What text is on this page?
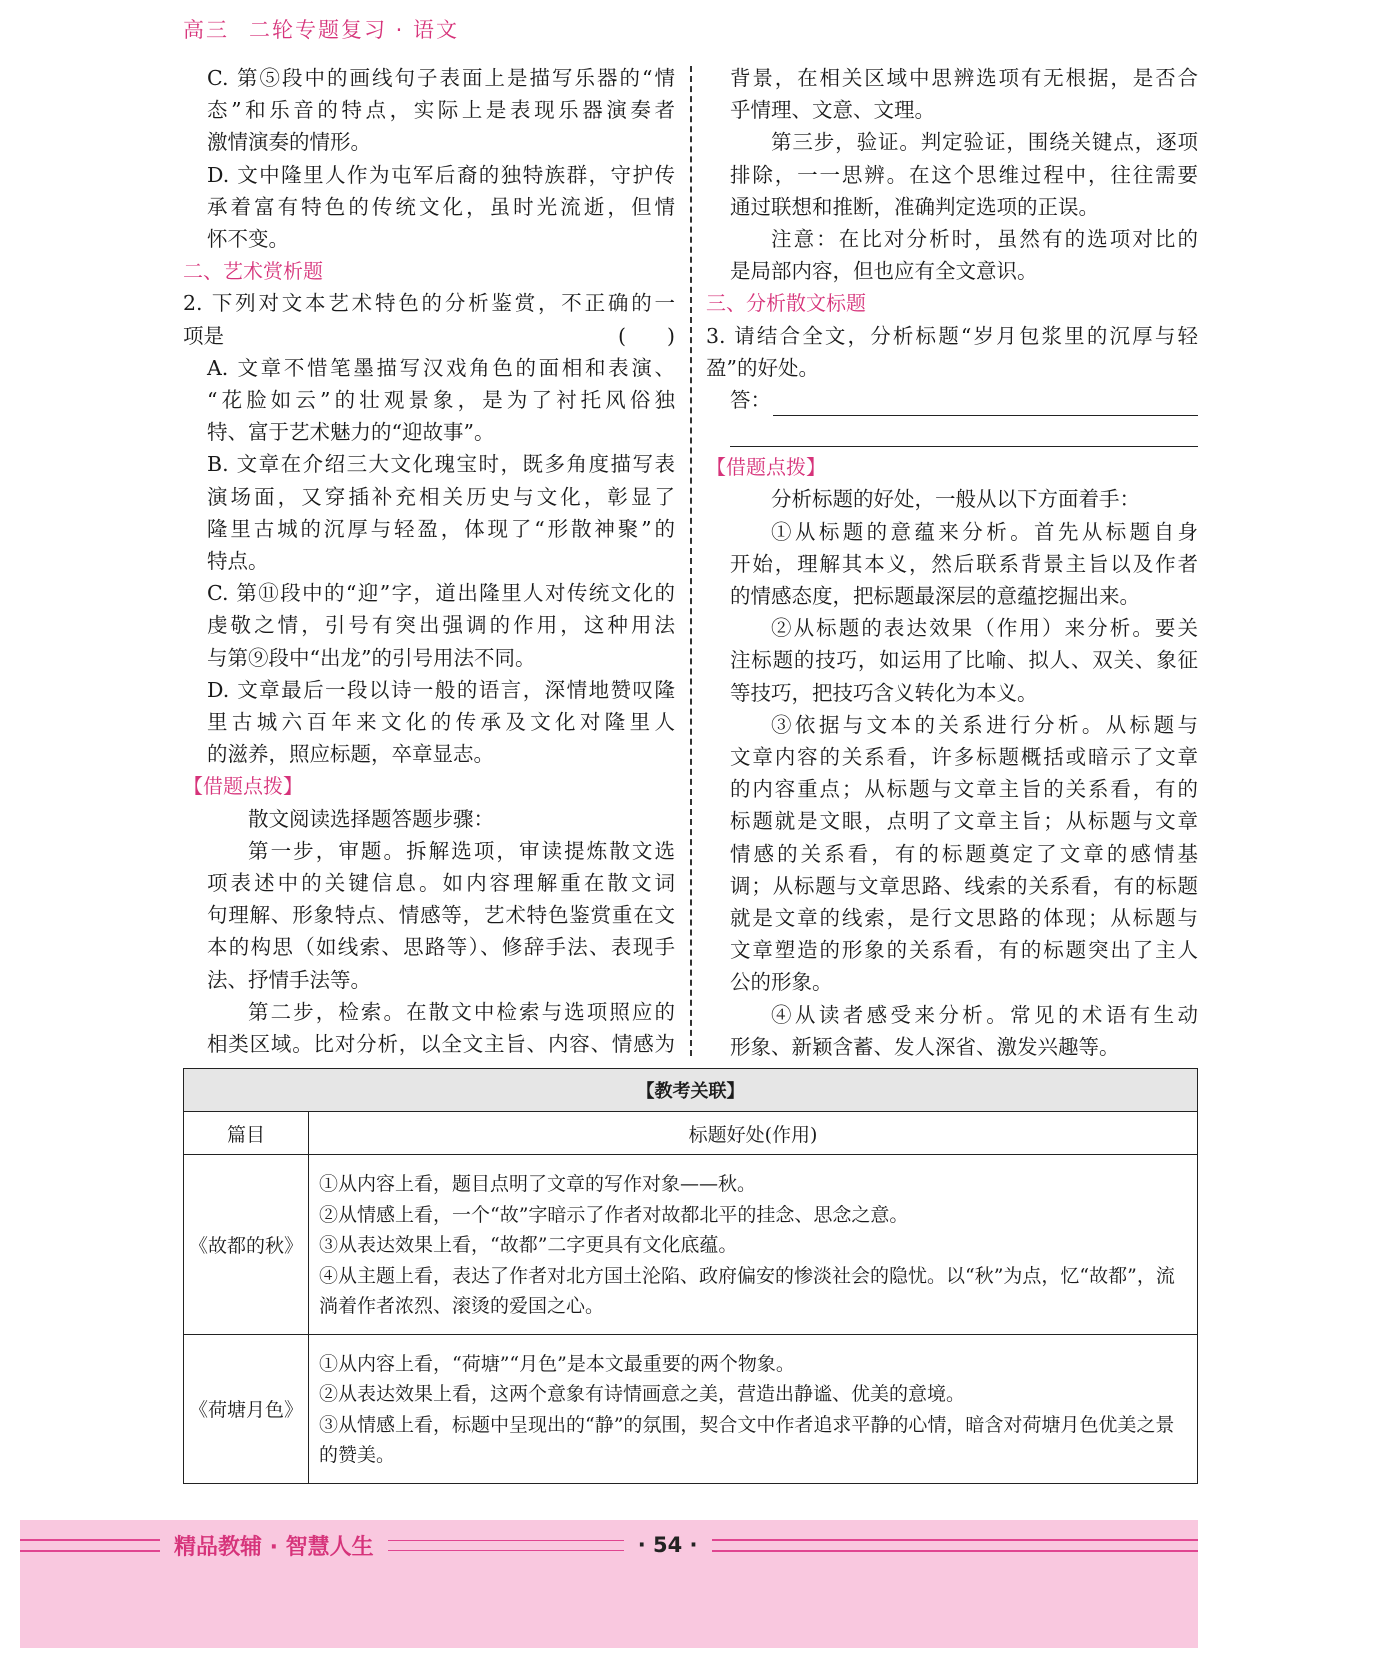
高三 二轮专题复习 · 语文

C. 第⑤段中的画线句子表面上是描写乐器的“情

态”和乐音的特点，实际上是表现乐器演奏者

激情演奏的情形。

D. 文中隆里人作为屯军后裔的独特族群，守护传

承着富有特色的传统文化，虽时光流逝，但情

怀不变。

二、艺术赏析题

2. 下列对文本艺术特色的分析鉴赏，不正确的一

项是	(　　)

A. 文章不惜笔墨描写汉戏角色的面相和表演、

“花脸如云”的壮观景象，是为了衬托风俗独

特、富于艺术魅力的“迎故事”。

B. 文章在介绍三大文化瑰宝时，既多角度描写表

演场面，又穿插补充相关历史与文化，彰显了

隆里古城的沉厚与轻盈，体现了“形散神聚”的

特点。

C. 第⑪段中的“迎”字，道出隆里人对传统文化的

虔敬之情，引号有突出强调的作用，这种用法

与第⑨段中“出龙”的引号用法不同。

D. 文章最后一段以诗一般的语言，深情地赞叹隆

里古城六百年来文化的传承及文化对隆里人

的滋养，照应标题，卒章显志。

【借题点拨】

散文阅读选择题答题步骤：

第一步，审题。拆解选项，审读提炼散文选

项表述中的关键信息。如内容理解重在散文词

句理解、形象特点、情感等，艺术特色鉴赏重在文

本的构思（如线索、思路等）、修辞手法、表现手

法、抒情手法等。

第二步，检索。在散文中检索与选项照应的

相类区域。比对分析，以全文主旨、内容、情感为

背景，在相关区域中思辨选项有无根据，是否合

乎情理、文意、文理。

第三步，验证。判定验证，围绕关键点，逐项

排除，一一思辨。在这个思维过程中，往往需要

通过联想和推断，准确判定选项的正误。

注意：在比对分析时，虽然有的选项对比的

是局部内容，但也应有全文意识。

三、分析散文标题

3. 请结合全文，分析标题“岁月包浆里的沉厚与轻

盈”的好处。

答：

【借题点拨】

分析标题的好处，一般从以下方面着手：

①从标题的意蕴来分析。首先从标题自身

开始，理解其本义，然后联系背景主旨以及作者

的情感态度，把标题最深层的意蕴挖掘出来。

②从标题的表达效果（作用）来分析。要关

注标题的技巧，如运用了比喻、拟人、双关、象征

等技巧，把技巧含义转化为本义。

③依据与文本的关系进行分析。从标题与

文章内容的关系看，许多标题概括或暗示了文章

的内容重点；从标题与文章主旨的关系看，有的

标题就是文眼，点明了文章主旨；从标题与文章

情感的关系看，有的标题奠定了文章的感情基

调；从标题与文章思路、线索的关系看，有的标题

就是文章的线索，是行文思路的体现；从标题与

文章塑造的形象的关系看，有的标题突出了主人

公的形象。

④从读者感受来分析。常见的术语有生动

形象、新颖含蓄、发人深省、激发兴趣等。

【教考关联】	
篇目	标题好处(作用)
《故都的秋》	①从内容上看，题目点明了文章的写作对象——秋。

②从情感上看，一个“故”字暗示了作者对故都北平的挂念、思念之意。

③从表达效果上看，“故都”二字更具有文化底蕴。

④从主题上看，表达了作者对北方国土沦陷、政府偏安的惨淡社会的隐忧。以“秋”为点，忆“故都”，流淌着作者浓烈、滚烫的爱国之心。

《荷塘月色》	①从内容上看，“荷塘”“月色”是本文最重要的两个物象。

②从表达效果上看，这两个意象有诗情画意之美，营造出静谧、优美的意境。

③从情感上看，标题中呈现出的“静”的氛围，契合文中作者追求平静的心情，暗含对荷塘月色优美之景的赞美。

精品教辅 · 智慧人生	· 54 ·
